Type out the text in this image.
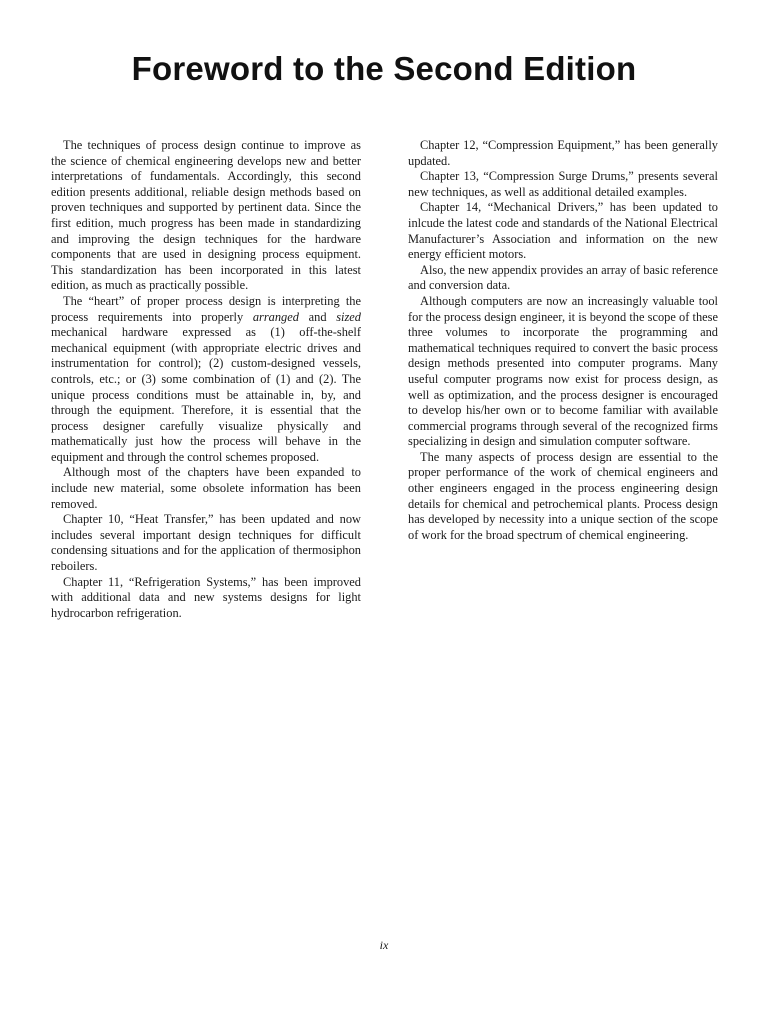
Foreword to the Second Edition

The techniques of process design continue to improve as the science of chemical engineering develops new and better interpretations of fundamentals. Accordingly, this second edition presents additional, reliable design methods based on proven techniques and supported by pertinent data. Since the first edition, much progress has been made in standardizing and improving the design techniques for the hardware components that are used in designing process equipment. This standardization has been incorporated in this latest edition, as much as practically possible.

The “heart” of proper process design is interpreting the process requirements into properly arranged and sized mechanical hardware expressed as (1) off-the-shelf mechanical equipment (with appropriate electric drives and instrumentation for control); (2) custom-designed vessels, controls, etc.; or (3) some combination of (1) and (2). The unique process conditions must be attainable in, by, and through the equipment. Therefore, it is essential that the process designer carefully visualize physically and mathematically just how the process will behave in the equipment and through the control schemes proposed.

Although most of the chapters have been expanded to include new material, some obsolete information has been removed.

Chapter 10, “Heat Transfer,” has been updated and now includes several important design techniques for difficult condensing situations and for the application of thermosiphon reboilers.

Chapter 11, “Refrigeration Systems,” has been improved with additional data and new systems designs for light hydrocarbon refrigeration.

Chapter 12, “Compression Equipment,” has been generally updated.

Chapter 13, “Compression Surge Drums,” presents several new techniques, as well as additional detailed examples.

Chapter 14, “Mechanical Drivers,” has been updated to inlcude the latest code and standards of the National Electrical Manufacturer’s Association and information on the new energy efficient motors.

Also, the new appendix provides an array of basic reference and conversion data.

Although computers are now an increasingly valuable tool for the process design engineer, it is beyond the scope of these three volumes to incorporate the programming and mathematical techniques required to convert the basic process design methods presented into computer programs. Many useful computer programs now exist for process design, as well as optimization, and the process designer is encouraged to develop his/her own or to become familiar with available commercial programs through several of the recognized firms specializing in design and simulation computer software.

The many aspects of process design are essential to the proper performance of the work of chemical engineers and other engineers engaged in the process engineering design details for chemical and petrochemical plants. Process design has developed by necessity into a unique section of the scope of work for the broad spectrum of chemical engineering.

ix
